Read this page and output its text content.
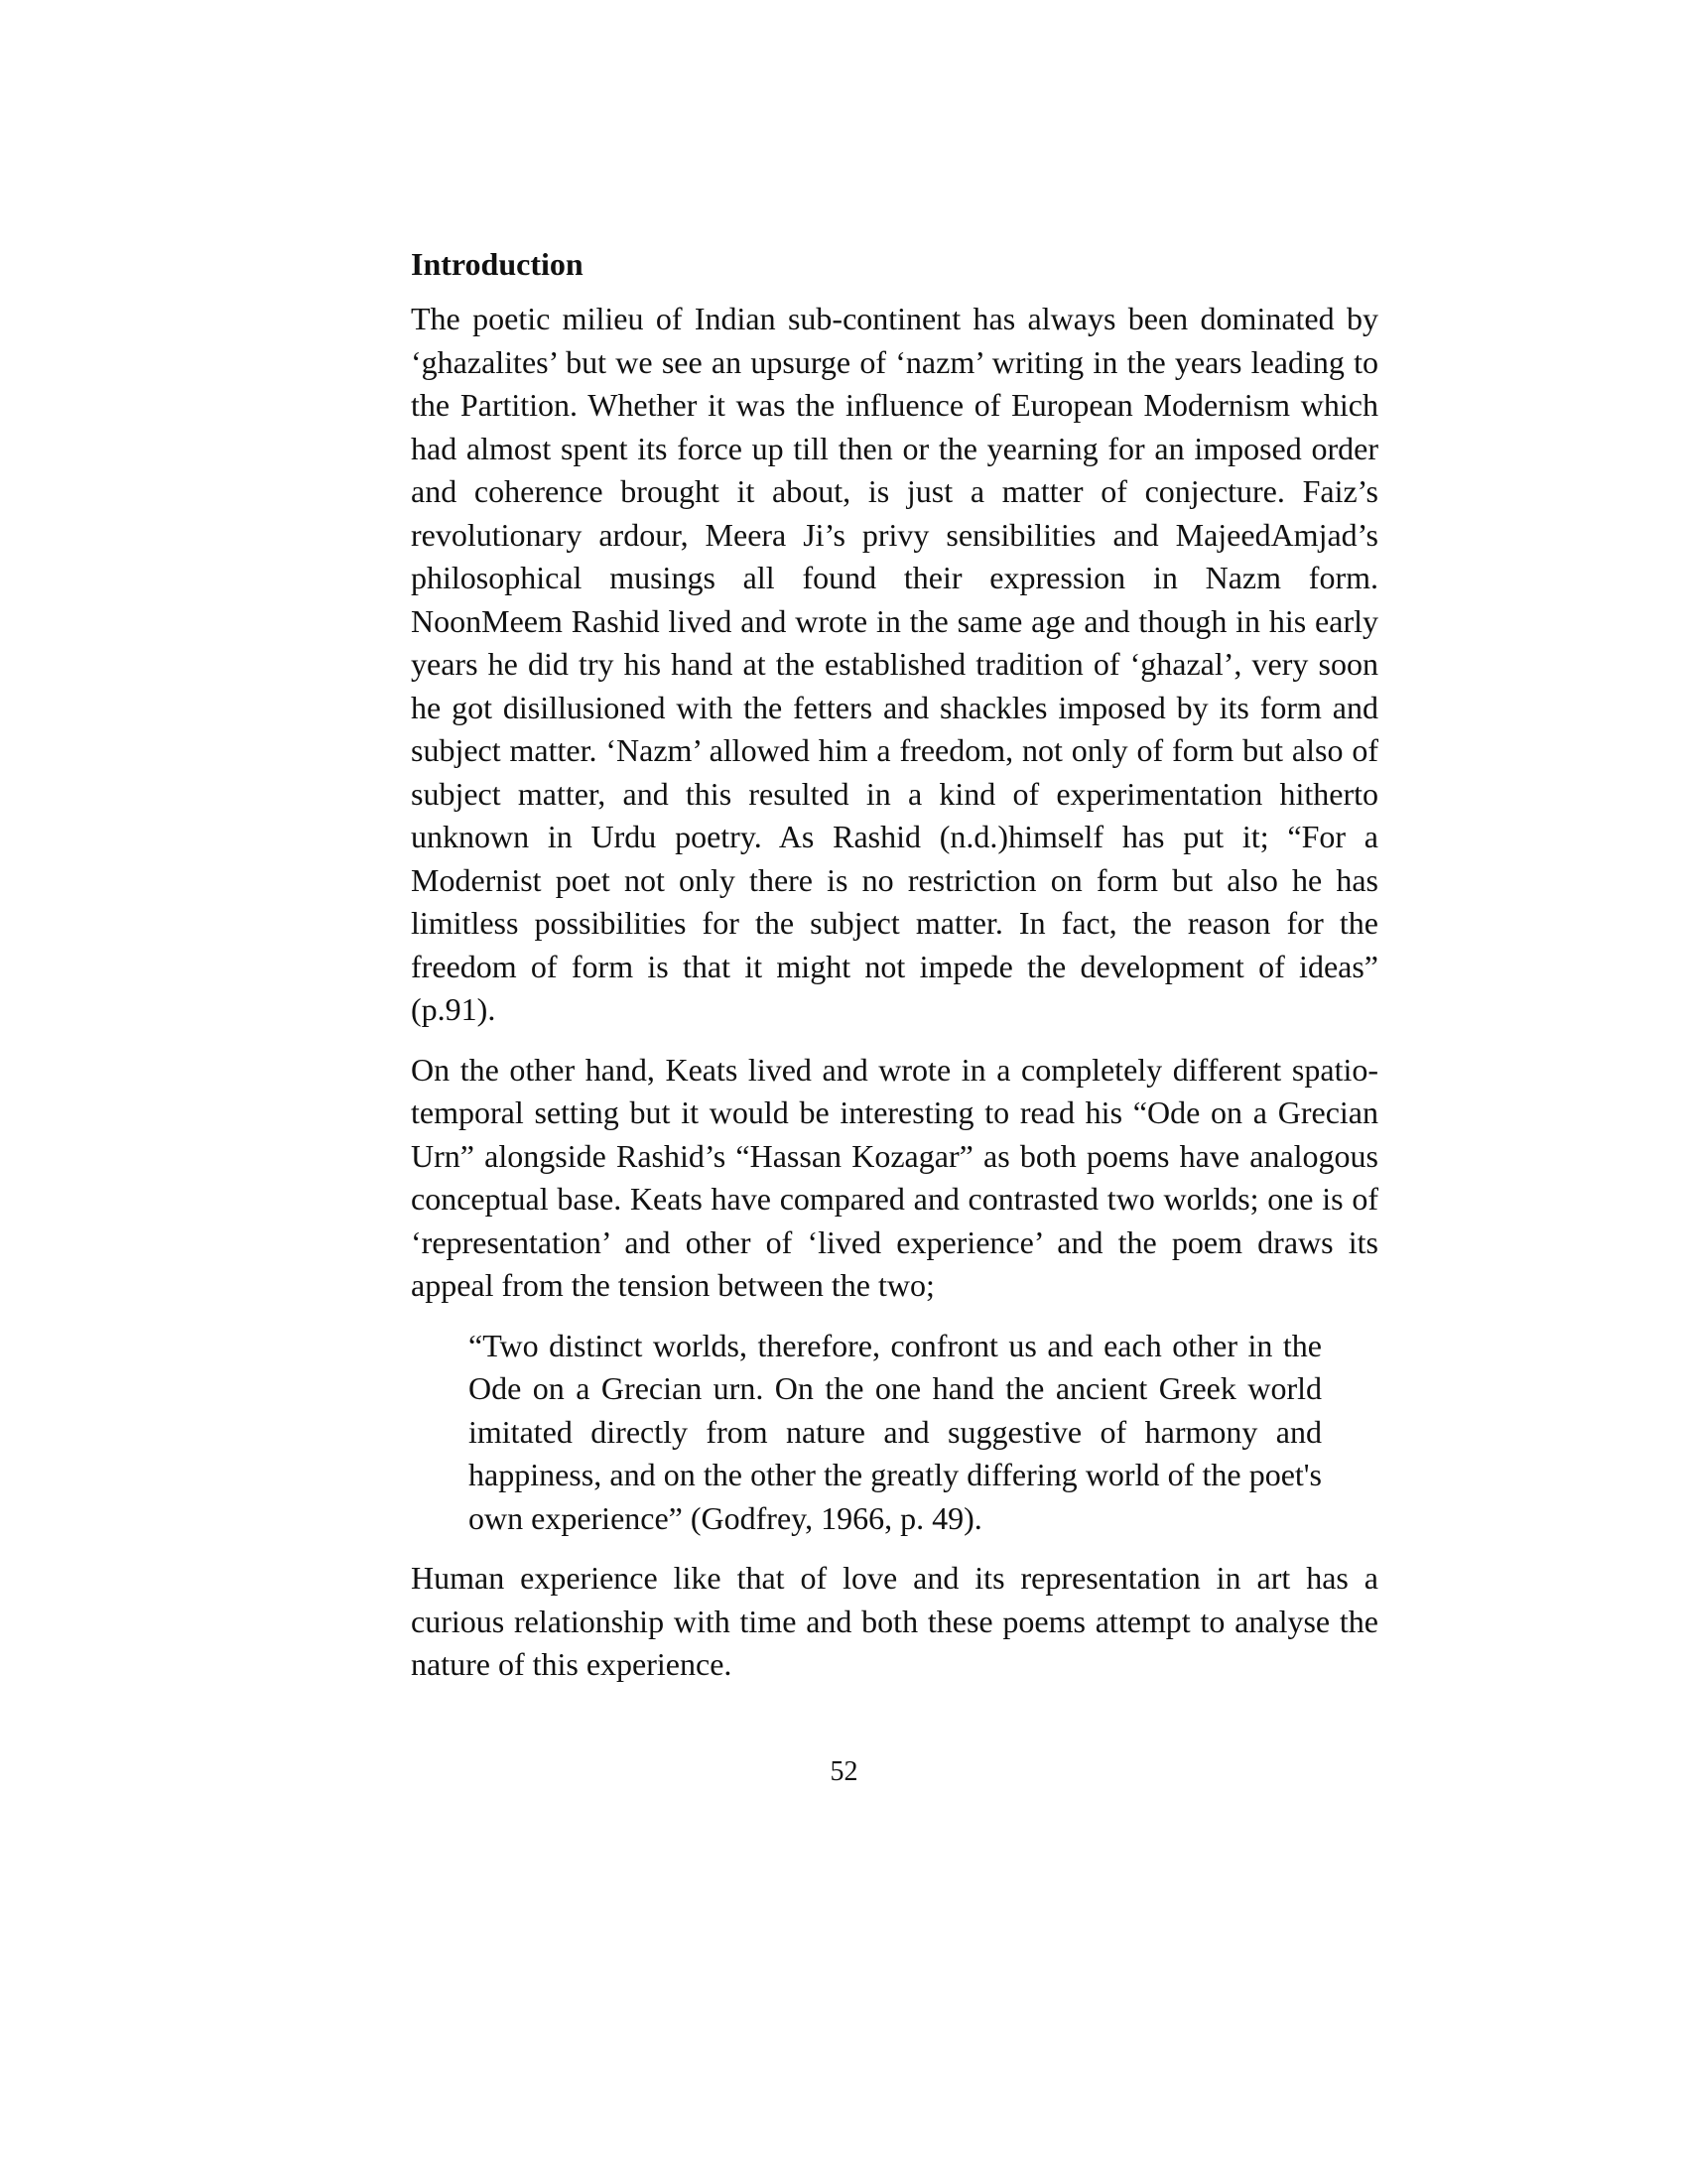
Introduction

The poetic milieu of Indian sub-continent has always been dominated by ‘ghazalites’ but we see an upsurge of ‘nazm’ writing in the years leading to the Partition. Whether it was the influence of European Modernism which had almost spent its force up till then or the yearning for an imposed order and coherence brought it about, is just a matter of conjecture. Faiz’s revolutionary ardour, Meera Ji’s privy sensibilities and MajeedAmjad’s philosophical musings all found their expression in Nazm form. NoonMeem Rashid lived and wrote in the same age and though in his early years he did try his hand at the established tradition of ‘ghazal’, very soon he got disillusioned with the fetters and shackles imposed by its form and subject matter. ‘Nazm’ allowed him a freedom, not only of form but also of subject matter, and this resulted in a kind of experimentation hitherto unknown in Urdu poetry. As Rashid (n.d.)himself has put it; “For a Modernist poet not only there is no restriction on form but also he has limitless possibilities for the subject matter. In fact, the reason for the freedom of form is that it might not impede the development of ideas” (p.91).

On the other hand, Keats lived and wrote in a completely different spatio-temporal setting but it would be interesting to read his “Ode on a Grecian Urn” alongside Rashid’s “Hassan Kozagar” as both poems have analogous conceptual base. Keats have compared and contrasted two worlds; one is of ‘representation’ and other of ‘lived experience’ and the poem draws its appeal from the tension between the two;

“Two distinct worlds, therefore, confront us and each other in the Ode on a Grecian urn. On the one hand the ancient Greek world imitated directly from nature and suggestive of harmony and happiness, and on the other the greatly differing world of the poet's own experience” (Godfrey, 1966, p. 49).

Human experience like that of love and its representation in art has a curious relationship with time and both these poems attempt to analyse the nature of this experience.

52
